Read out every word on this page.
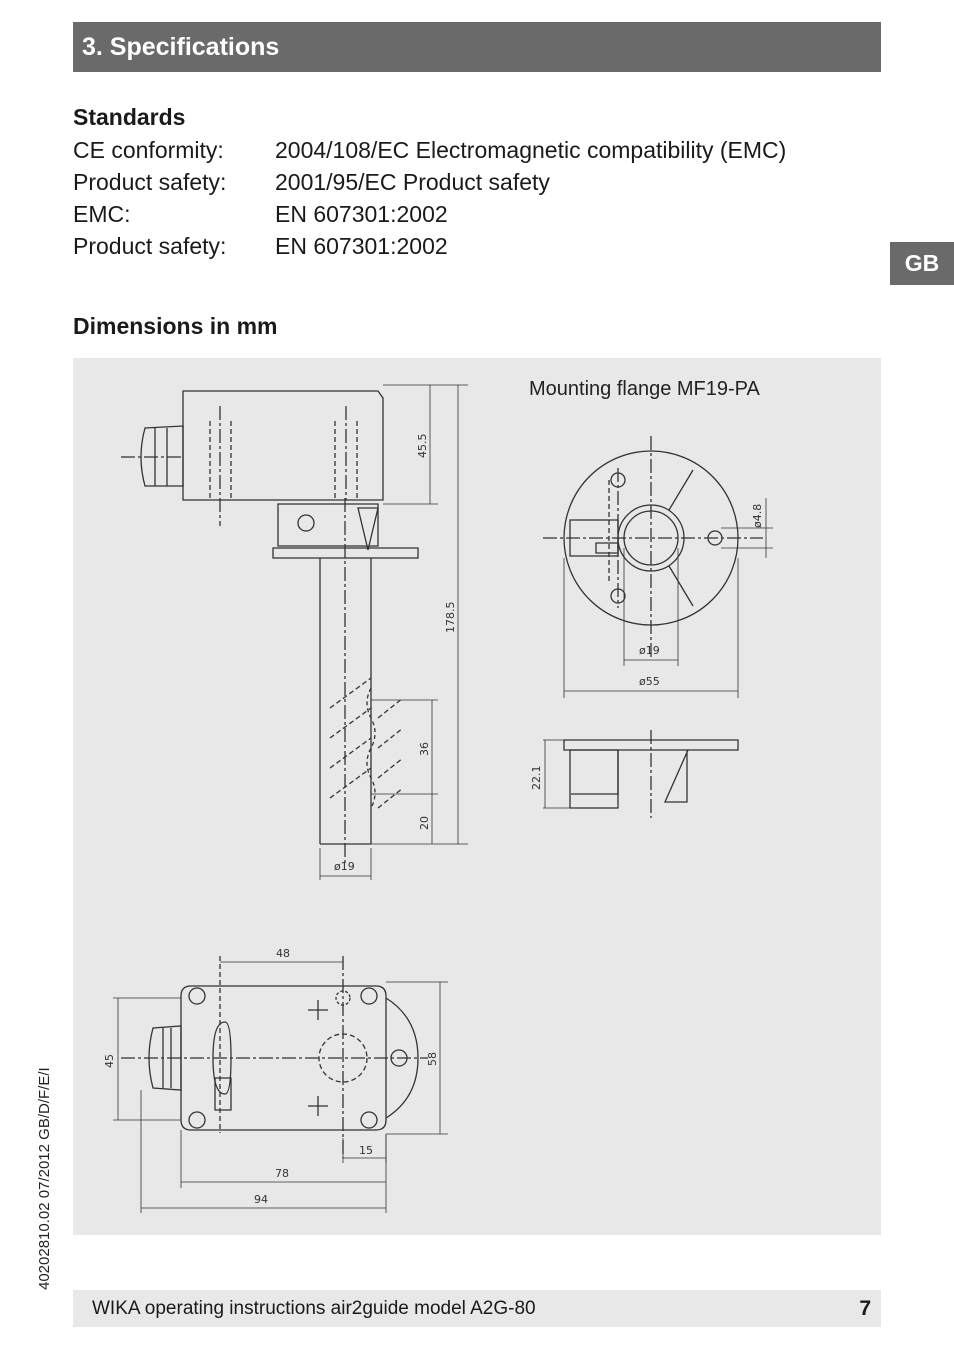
3. Specifications
Standards
CE conformity: 2004/108/EC Electromagnetic compatibility (EMC)
Product safety: 2001/95/EC Product safety
EMC:	EN 607301:2002
Product safety: EN 607301:2002
GB
Dimensions in mm
45.5
178.5
36
20
ø19
ø4.8
ø19
ø55
22.1
48
45	58
15
78
94
Mounting flange MF19-PA
40202810.02 07/2012 GB/D/F/E/I
WIKA operating instructions air2guide model A2G-80	7
